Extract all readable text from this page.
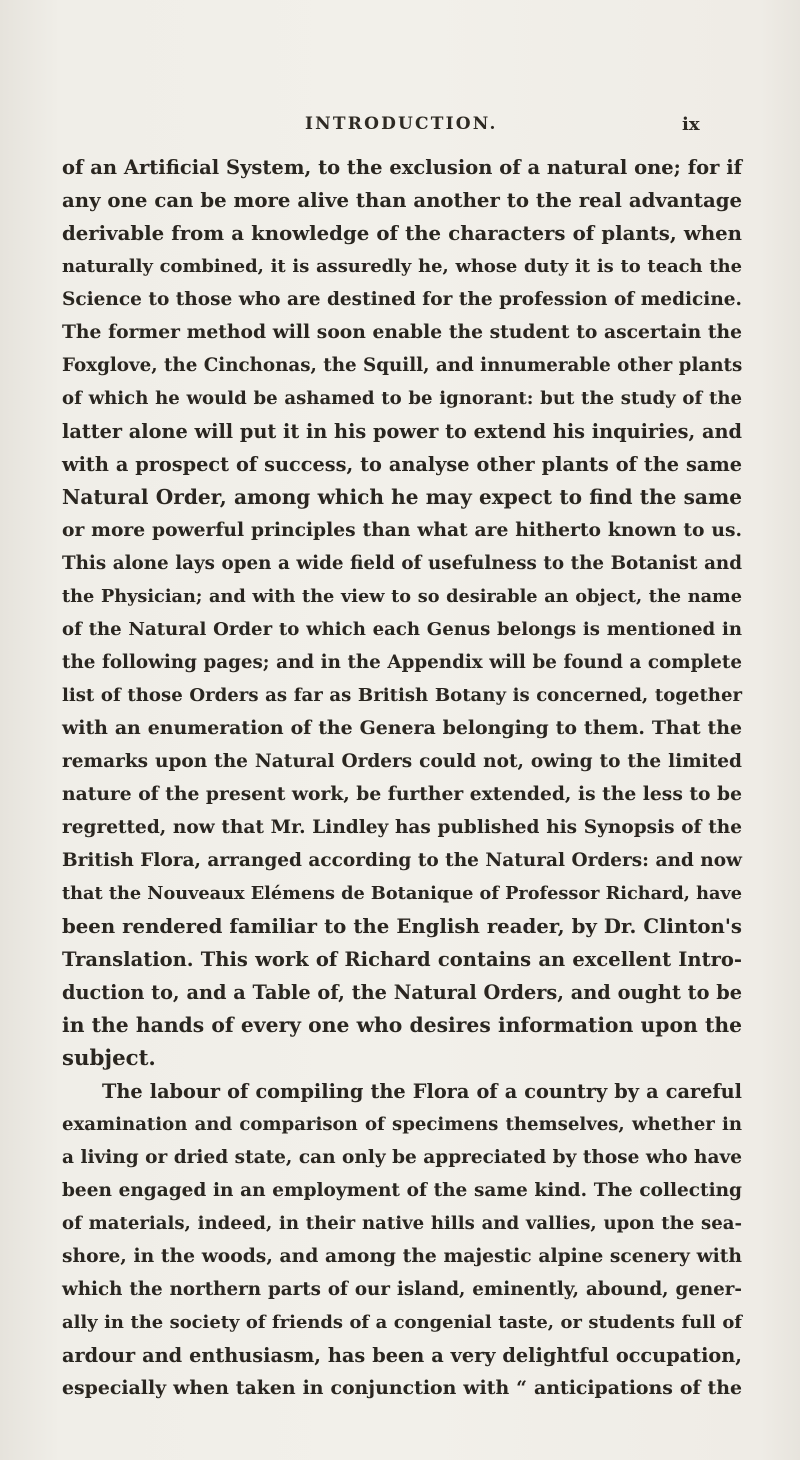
INTRODUCTION.	ix
of an Artificial System, to the exclusion of a natural one; for if
any one can be more alive than another to the real advantage
derivable from a knowledge of the characters of plants, when
naturally combined, it is assuredly he, whose duty it is to teach the
Science to those who are destined for the profession of medicine.
The former method will soon enable the student to ascertain the
Foxglove, the Cinchonas, the Squill, and innumerable other plants
of which he would be ashamed to be ignorant: but the study of the
latter alone will put it in his power to extend his inquiries, and
with a prospect of success, to analyse other plants of the same
Natural Order, among which he may expect to find the same
or more powerful principles than what are hitherto known to us.
This alone lays open a wide field of usefulness to the Botanist and
the Physician; and with the view to so desirable an object, the name
of the Natural Order to which each Genus belongs is mentioned in
the following pages; and in the Appendix will be found a complete
list of those Orders as far as British Botany is concerned, together
with an enumeration of the Genera belonging to them. That the
remarks upon the Natural Orders could not, owing to the limited
nature of the present work, be further extended, is the less to be
regretted, now that Mr. Lindley has published his Synopsis of the
British Flora, arranged according to the Natural Orders: and now
that the Nouveaux Elémens de Botanique of Professor Richard, have
been rendered familiar to the English reader, by Dr. Clinton's
Translation. This work of Richard contains an excellent Intro-
duction to, and a Table of, the Natural Orders, and ought to be
in the hands of every one who desires information upon the
subject.
The labour of compiling the Flora of a country by a careful
examination and comparison of specimens themselves, whether in
a living or dried state, can only be appreciated by those who have
been engaged in an employment of the same kind. The collecting
of materials, indeed, in their native hills and vallies, upon the sea-
shore, in the woods, and among the majestic alpine scenery with
which the northern parts of our island, eminently, abound, gener-
ally in the society of friends of a congenial taste, or students full of
ardour and enthusiasm, has been a very delightful occupation,
especially when taken in conjunction with “ anticipations of the
